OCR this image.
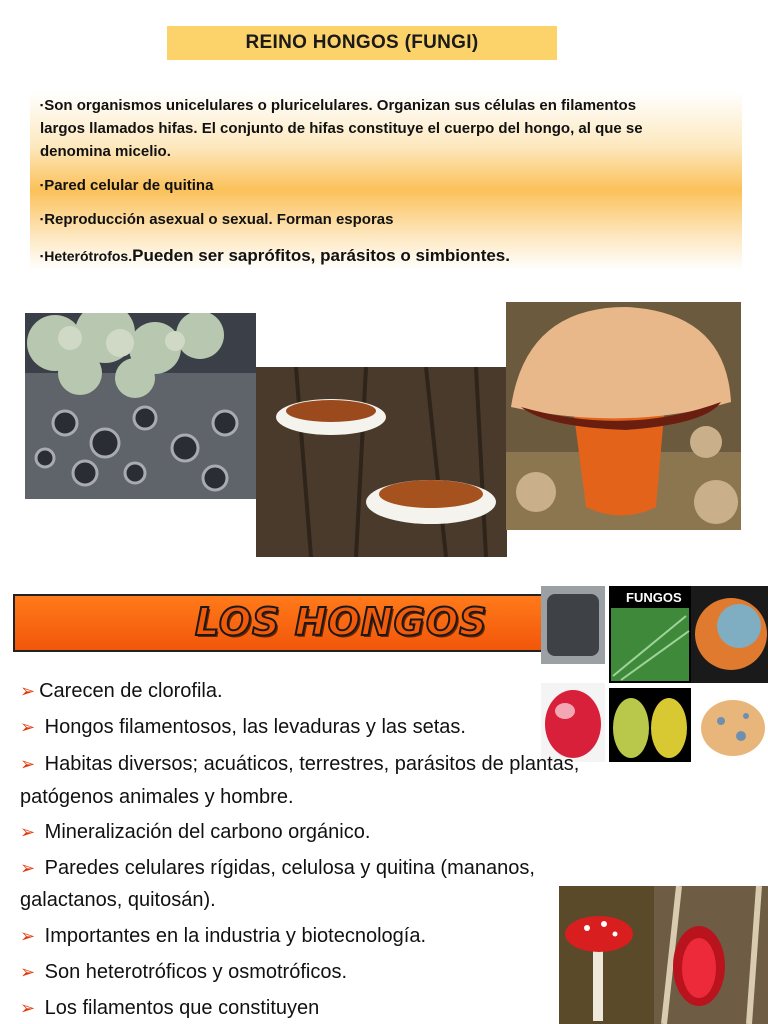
REINO HONGOS (FUNGI)
▪Son organismos unicelulares o pluricelulares. Organizan sus células en filamentos
largos llamados hifas. El conjunto de hifas constituye el cuerpo del hongo, al que se
denomina micelio.
▪Pared celular de quitina
▪Reproducción asexual o sexual. Forman esporas
▪Heterótrofos.Pueden ser saprófitos, parásitos o simbiontes.
LOS HONGOS
FUNGOS
➢ Carecen de clorofila.
➢ Hongos filamentosos, las levaduras y las setas.
➢ Habitas diversos; acuáticos, terrestres, parásitos de plantas,
patógenos animales y hombre.
➢ Mineralización del carbono orgánico.
➢ Paredes celulares rígidas, celulosa y quitina (mananos,
galactanos, quitosán).
➢ Importantes en la industria y biotecnología.
➢ Son heterotróficos y osmotróficos.
➢ Los filamentos que constituyen
